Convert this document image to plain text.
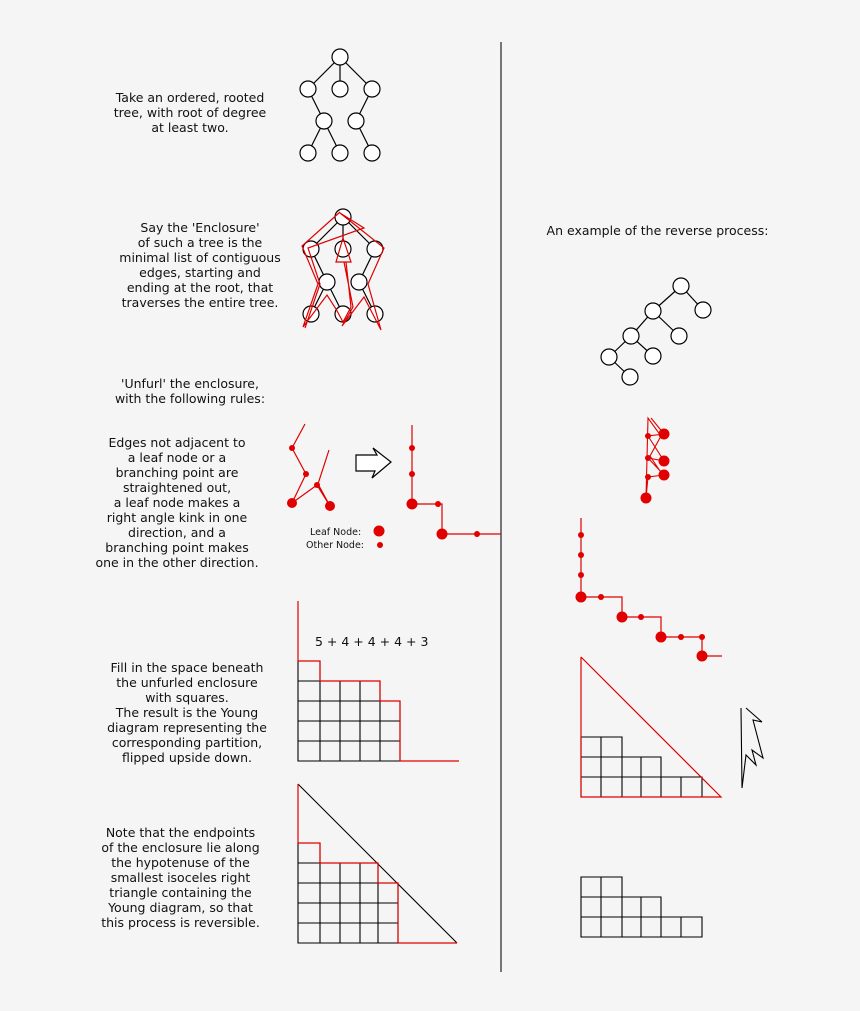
Take an ordered, rooted
tree, with root of degree
at least two.
Say the 'Enclosure'
of such a tree is the
minimal list of contiguous
edges, starting and
ending at the root, that
traverses the entire tree.
'Unfurl' the enclosure,
with the following rules:
Edges not adjacent to
a leaf node or a
branching point are
straightened out,
a leaf node makes a
right angle kink in one
direction, and a
branching point makes
one in the other direction.
Fill in the space beneath
the unfurled enclosure
with squares.
The result is the Young
diagram representing the
corresponding partition,
flipped upside down.
Note that the endpoints
of the enclosure lie along
the hypotenuse of the
smallest isoceles right
triangle containing the
Young diagram, so that
this process is reversible.
An example of the reverse process:
Leaf Node:
Other Node:
5 + 4 + 4 + 4 + 3
